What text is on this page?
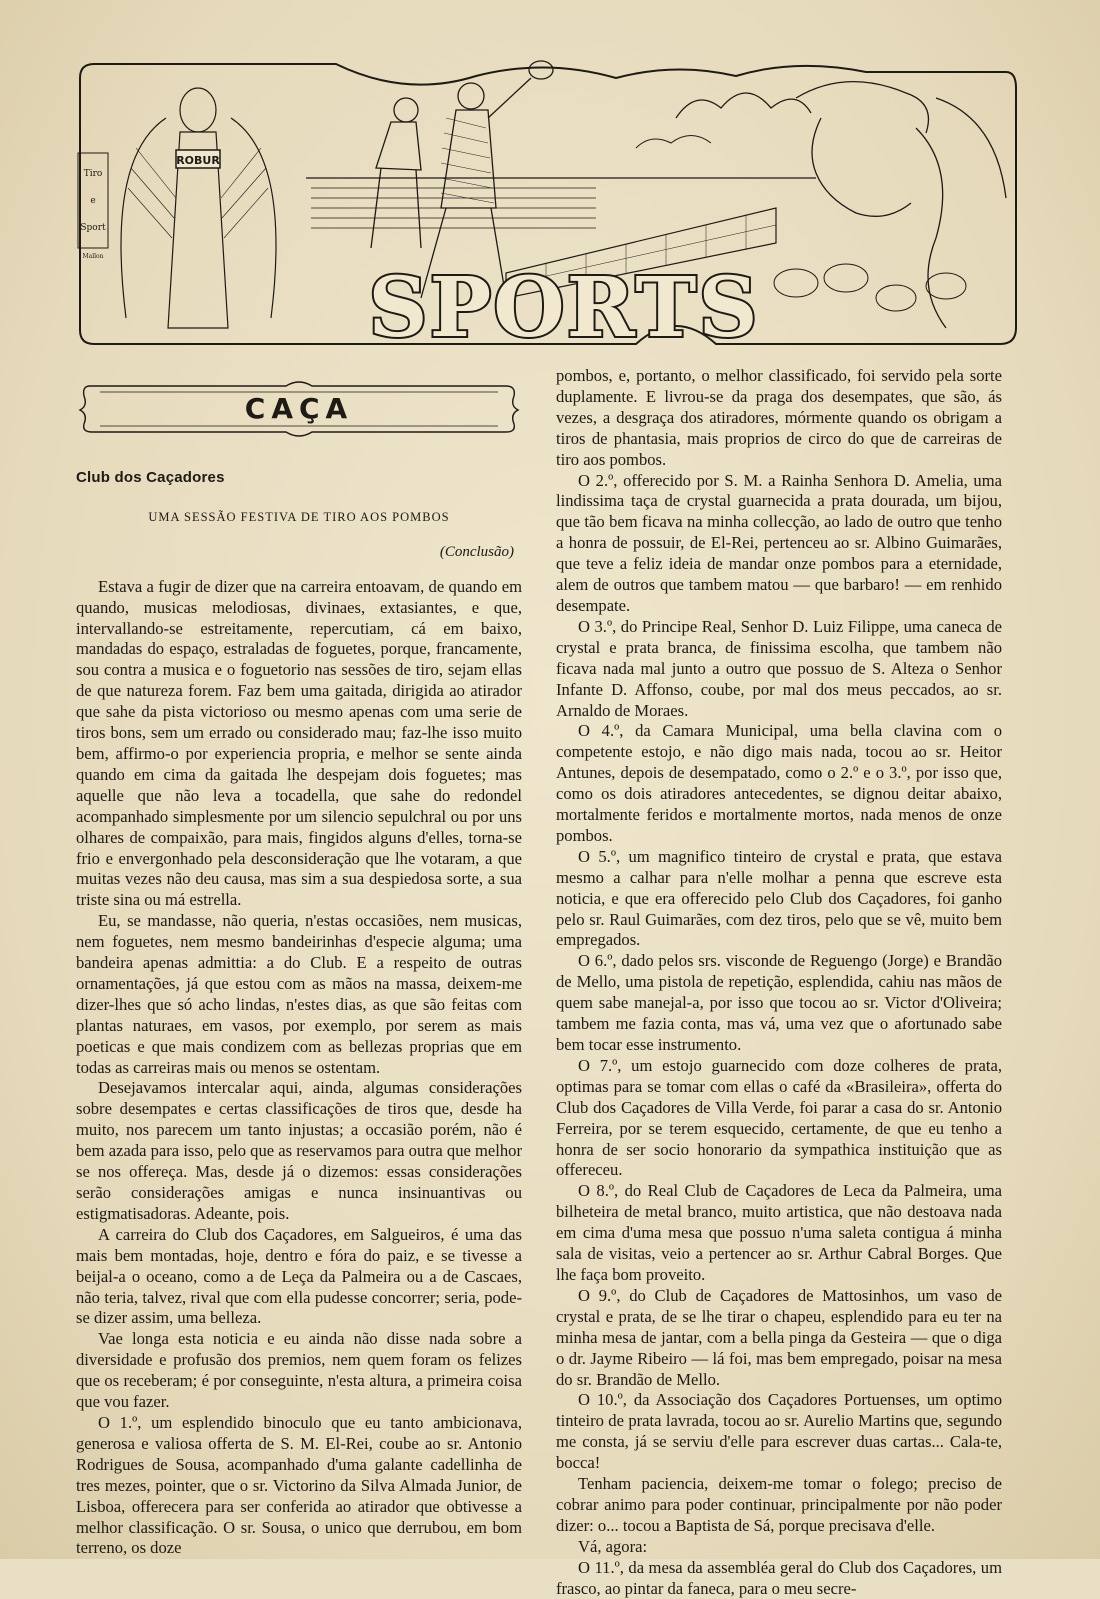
ROBUR
Tiro
e
Sport
Mallon
SPORTS
CAÇA
Club dos Caçadores
UMA SESSÃO FESTIVA DE TIRO AOS POMBOS
(Conclusão)

Estava a fugir de dizer que na carreira entoavam, de quando em quando, musicas melodiosas, divinaes, extasiantes, e que, intervallando-se estreitamente, repercutiam, cá em baixo, mandadas do espaço, estraladas de foguetes, porque, francamente, sou contra a musica e o foguetorio nas sessões de tiro, sejam ellas de que natureza forem. Faz bem uma gaitada, dirigida ao atirador que sahe da pista victorioso ou mesmo apenas com uma serie de tiros bons, sem um errado ou considerado mau; faz-lhe isso muito bem, affirmo-o por experiencia propria, e melhor se sente ainda quando em cima da gaitada lhe despejam dois foguetes; mas aquelle que não leva a tocadella, que sahe do redondel acompanhado simplesmente por um silencio sepulchral ou por uns olhares de compaixão, para mais, fingidos alguns d'elles, torna-se frio e envergonhado pela desconsideração que lhe votaram, a que muitas vezes não deu causa, mas sim a sua despiedosa sorte, a sua triste sina ou má estrella.

Eu, se mandasse, não queria, n'estas occasiões, nem musicas, nem foguetes, nem mesmo bandeirinhas d'especie alguma; uma bandeira apenas admittia: a do Club. E a respeito de outras ornamentações, já que estou com as mãos na massa, deixem-me dizer-lhes que só acho lindas, n'estes dias, as que são feitas com plantas naturaes, em vasos, por exemplo, por serem as mais poeticas e que mais condizem com as bellezas proprias que em todas as carreiras mais ou menos se ostentam.

Desejavamos intercalar aqui, ainda, algumas considerações sobre desempates e certas classificações de tiros que, desde ha muito, nos parecem um tanto injustas; a occasião porém, não é bem azada para isso, pelo que as reservamos para outra que melhor se nos offereça. Mas, desde já o dizemos: essas considerações serão considerações amigas e nunca insinuantivas ou estigmatisadoras. Adeante, pois.

A carreira do Club dos Caçadores, em Salgueiros, é uma das mais bem montadas, hoje, dentro e fóra do paiz, e se tivesse a beijal-a o oceano, como a de Leça da Palmeira ou a de Cascaes, não teria, talvez, rival que com ella pudesse concorrer; seria, pode-se dizer assim, uma belleza.

Vae longa esta noticia e eu ainda não disse nada sobre a diversidade e profusão dos premios, nem quem foram os felizes que os receberam; é por conseguinte, n'esta altura, a primeira coisa que vou fazer.

O 1.º, um esplendido binoculo que eu tanto ambicionava, generosa e valiosa offerta de S. M. El-Rei, coube ao sr. Antonio Rodrigues de Sousa, acompanhado d'uma galante cadellinha de tres mezes, pointer, que o sr. Victorino da Silva Almada Junior, de Lisboa, offerecera para ser conferida ao atirador que obtivesse a melhor classificação. O sr. Sousa, o unico que derrubou, em bom terreno, os doze

pombos, e, portanto, o melhor classificado, foi servido pela sorte duplamente. E livrou-se da praga dos desempates, que são, ás vezes, a desgraça dos atiradores, mórmente quando os obrigam a tiros de phantasia, mais proprios de circo do que de carreiras de tiro aos pombos.

O 2.º, offerecido por S. M. a Rainha Senhora D. Amelia, uma lindissima taça de crystal guarnecida a prata dourada, um bijou, que tão bem ficava na minha collecção, ao lado de outro que tenho a honra de possuir, de El-Rei, pertenceu ao sr. Albino Guimarães, que teve a feliz ideia de mandar onze pombos para a eternidade, alem de outros que tambem matou — que barbaro! — em renhido desempate.

O 3.º, do Principe Real, Senhor D. Luiz Filippe, uma caneca de crystal e prata branca, de finissima escolha, que tambem não ficava nada mal junto a outro que possuo de S. Alteza o Senhor Infante D. Affonso, coube, por mal dos meus peccados, ao sr. Arnaldo de Moraes.

O 4.º, da Camara Municipal, uma bella clavina com o competente estojo, e não digo mais nada, tocou ao sr. Heitor Antunes, depois de desempatado, como o 2.º e o 3.º, por isso que, como os dois atiradores antecedentes, se dignou deitar abaixo, mortalmente feridos e mortalmente mortos, nada menos de onze pombos.

O 5.º, um magnifico tinteiro de crystal e prata, que estava mesmo a calhar para n'elle molhar a penna que escreve esta noticia, e que era offerecido pelo Club dos Caçadores, foi ganho pelo sr. Raul Guimarães, com dez tiros, pelo que se vê, muito bem empregados.

O 6.º, dado pelos srs. visconde de Reguengo (Jorge) e Brandão de Mello, uma pistola de repetição, esplendida, cahiu nas mãos de quem sabe manejal-a, por isso que tocou ao sr. Victor d'Oliveira; tambem me fazia conta, mas vá, uma vez que o afortunado sabe bem tocar esse instrumento.

O 7.º, um estojo guarnecido com doze colheres de prata, optimas para se tomar com ellas o café da «Brasileira», offerta do Club dos Caçadores de Villa Verde, foi parar a casa do sr. Antonio Ferreira, por se terem esquecido, certamente, de que eu tenho a honra de ser socio honorario da sympathica instituição que as offereceu.

O 8.º, do Real Club de Caçadores de Leca da Palmeira, uma bilheteira de metal branco, muito artistica, que não destoava nada em cima d'uma mesa que possuo n'uma saleta contigua á minha sala de visitas, veio a pertencer ao sr. Arthur Cabral Borges. Que lhe faça bom proveito.

O 9.º, do Club de Caçadores de Mattosinhos, um vaso de crystal e prata, de se lhe tirar o chapeu, esplendido para eu ter na minha mesa de jantar, com a bella pinga da Gesteira — que o diga o dr. Jayme Ribeiro — lá foi, mas bem empregado, poisar na mesa do sr. Brandão de Mello.

O 10.º, da Associação dos Caçadores Portuenses, um optimo tinteiro de prata lavrada, tocou ao sr. Aurelio Martins que, segundo me consta, já se serviu d'elle para escrever duas cartas... Cala-te, bocca!

Tenham paciencia, deixem-me tomar o folego; preciso de cobrar animo para poder continuar, principalmente por não poder dizer: o... tocou a Baptista de Sá, porque precisava d'elle.

Vá, agora:

O 11.º, da mesa da assembléa geral do Club dos Caçadores, um frasco, ao pintar da faneca, para o meu secre-
